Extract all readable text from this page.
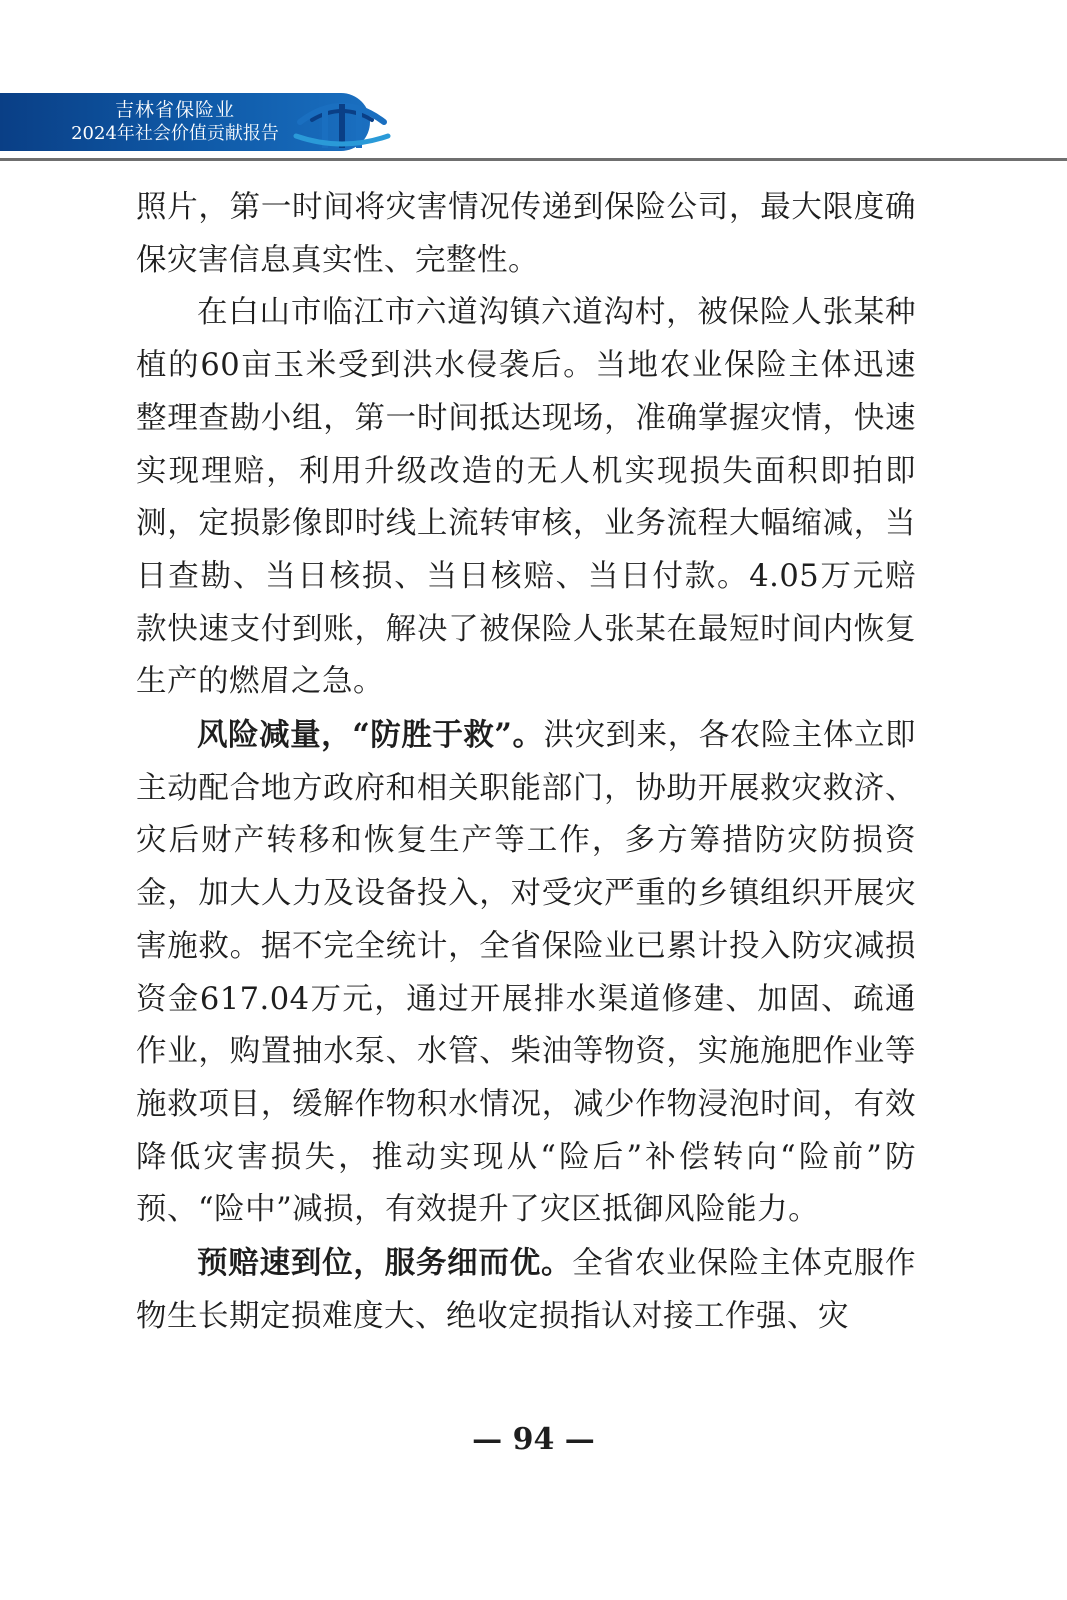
吉林省保险业
2024年社会价值贡献报告

照片，第一时间将灾害情况传递到保险公司，最大限度确保灾害信息真实性、完整性。

在白山市临江市六道沟镇六道沟村，被保险人张某种植的60亩玉米受到洪水侵袭后。当地农业保险主体迅速整理查勘小组，第一时间抵达现场，准确掌握灾情，快速实现理赔，利用升级改造的无人机实现损失面积即拍即测，定损影像即时线上流转审核，业务流程大幅缩减，当日查勘、当日核损、当日核赔、当日付款。4.05万元赔款快速支付到账，解决了被保险人张某在最短时间内恢复生产的燃眉之急。

风险减量，“防胜于救”。洪灾到来，各农险主体立即主动配合地方政府和相关职能部门，协助开展救灾救济、灾后财产转移和恢复生产等工作，多方筹措防灾防损资金，加大人力及设备投入，对受灾严重的乡镇组织开展灾害施救。据不完全统计，全省保险业已累计投入防灾减损资金617.04万元，通过开展排水渠道修建、加固、疏通作业，购置抽水泵、水管、柴油等物资，实施施肥作业等施救项目，缓解作物积水情况，减少作物浸泡时间，有效降低灾害损失，推动实现从“险后”补偿转向“险前”防预、“险中”减损，有效提升了灾区抵御风险能力。

预赔速到位，服务细而优。全省农业保险主体克服作物生长期定损难度大、绝收定损指认对接工作强、灾

— 94 —
